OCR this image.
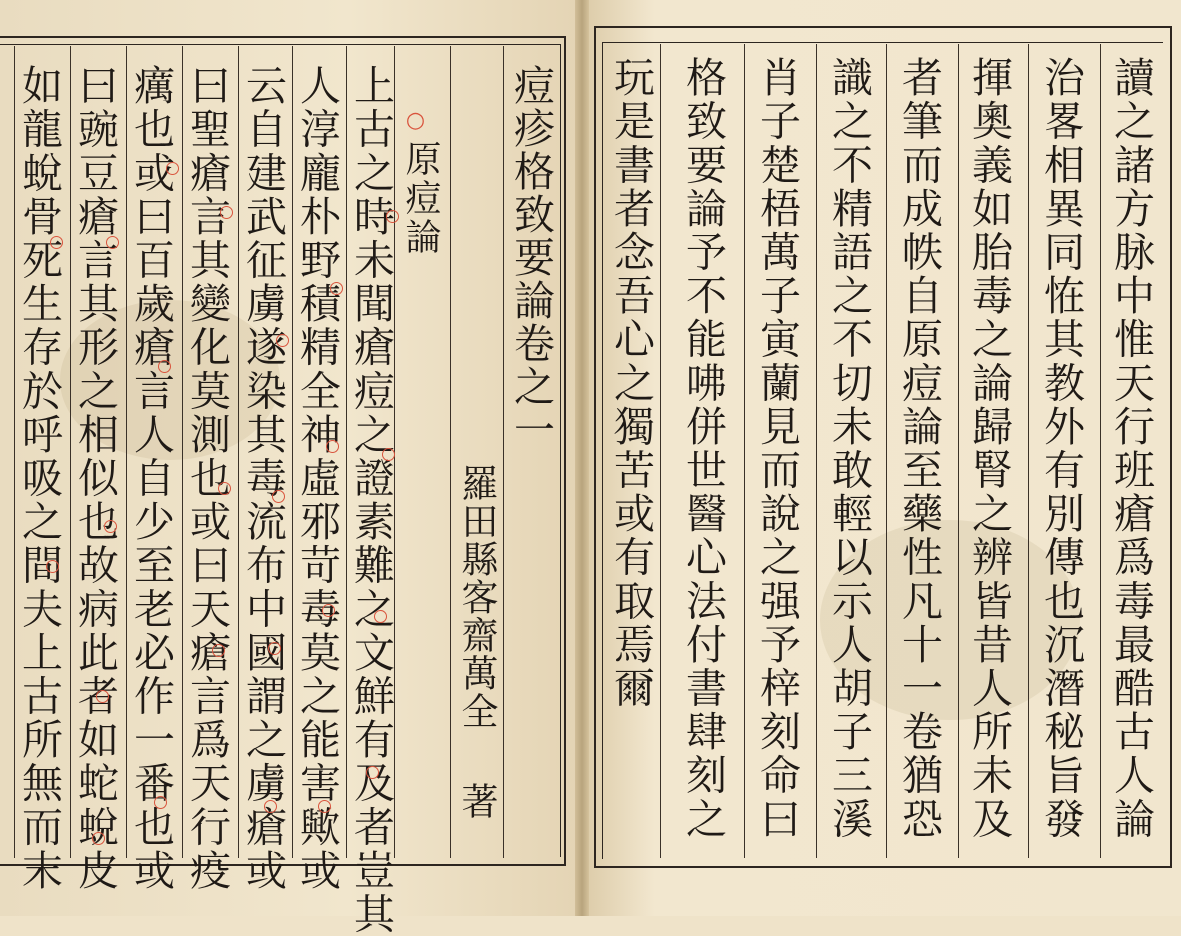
痘疹格致要論卷之一
羅田縣客齋萬全
著
○
原痘論
上古之時未聞瘡痘之證素難之文鮮有及者豈其
人淳龐朴野積精全神虛邪苛毒莫之能害歟或
云自建武征虜遂染其毒流布中國謂之虜瘡或
曰聖瘡言其變化莫測也或曰天瘡言爲天行疫
癘也或曰百歲瘡言人自少至老必作一番也或
曰豌豆瘡言其形之相似也故病此者如蛇蛻皮
如龍蛻骨死生存於呼吸之間夫上古所無而末	讀之諸方脉中惟天行班瘡爲毒最酷古人論
治畧相異同恠其教外有別傳也沉潛秘旨發
揮奧義如胎毒之論歸腎之辨皆昔人所未及
者筆而成帙自原痘論至藥性凡十一卷猶恐
識之不精語之不切未敢輕以示人胡子三溪
肖子楚梧萬子寅蘭見而說之强予梓刻命曰
格致要論予不能咈併世醫心法付書肆刻之
玩是書者念吾心之獨苦或有取焉爾
